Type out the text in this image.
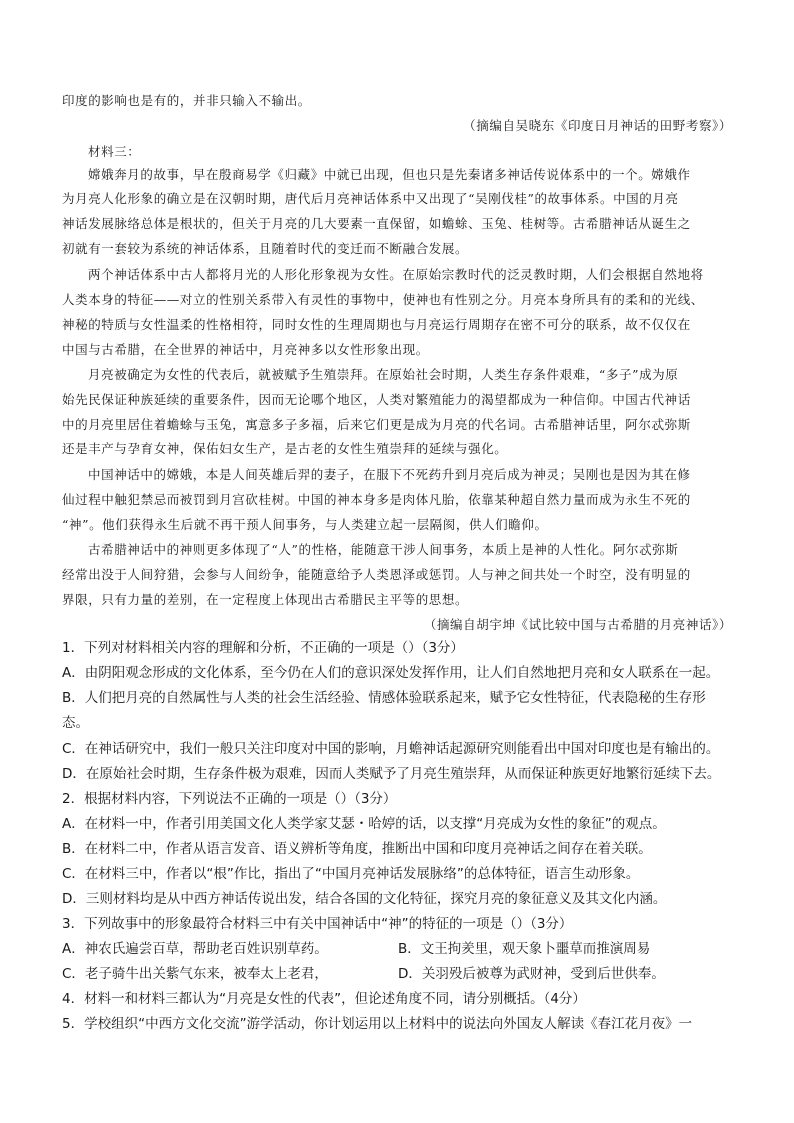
印度的影响也是有的，并非只输入不输出。
（摘编自吴晓东《印度日月神话的田野考察》）
材料三：
嫦娥奔月的故事，早在殷商易学《归藏》中就已出现，但也只是先秦诸多神话传说体系中的一个。嫦娥作
为月亮人化形象的确立是在汉朝时期，唐代后月亮神话体系中又出现了“吴刚伐桂”的故事体系。中国的月亮
神话发展脉络总体是根状的，但关于月亮的几大要素一直保留，如蟾蜍、玉兔、桂树等。古希腊神话从诞生之
初就有一套较为系统的神话体系，且随着时代的变迁而不断融合发展。
两个神话体系中古人都将月光的人形化形象视为女性。在原始宗教时代的泛灵教时期，人们会根据自然地将
人类本身的特征——对立的性别关系带入有灵性的事物中，使神也有性别之分。月亮本身所具有的柔和的光线、
神秘的特质与女性温柔的性格相符，同时女性的生理周期也与月亮运行周期存在密不可分的联系，故不仅仅在
中国与古希腊，在全世界的神话中，月亮神多以女性形象出现。
月亮被确定为女性的代表后，就被赋予生殖崇拜。在原始社会时期，人类生存条件艰难，“多子”成为原
始先民保证种族延续的重要条件，因而无论哪个地区，人类对繁殖能力的渴望都成为一种信仰。中国古代神话
中的月亮里居住着蟾蜍与玉兔，寓意多子多福，后来它们更是成为月亮的代名词。古希腊神话里，阿尔忒弥斯
还是丰产与孕育女神，保佑妇女生产，是古老的女性生殖崇拜的延续与强化。
中国神话中的嫦娥，本是人间英雄后羿的妻子，在服下不死药升到月亮后成为神灵；吴刚也是因为其在修
仙过程中触犯禁忌而被罚到月宫砍桂树。中国的神本身多是肉体凡胎，依靠某种超自然力量而成为永生不死的
“神”。他们获得永生后就不再干预人间事务，与人类建立起一层隔阂，供人们瞻仰。
古希腊神话中的神则更多体现了“人”的性格，能随意干涉人间事务，本质上是神的人性化。阿尔忒弥斯
经常出没于人间狩猎，会参与人间纷争，能随意给予人类恩泽或惩罚。人与神之间共处一个时空，没有明显的
界限，只有力量的差别，在一定程度上体现出古希腊民主平等的思想。
（摘编自胡宇坤《试比较中国与古希腊的月亮神话》）
1．下列对材料相关内容的理解和分析，不正确的一项是（）（3分）
A．由阴阳观念形成的文化体系，至今仍在人们的意识深处发挥作用，让人们自然地把月亮和女人联系在一起。
B．人们把月亮的自然属性与人类的社会生活经验、情感体验联系起来，赋予它女性特征，代表隐秘的生存形
态。
C．在神话研究中，我们一般只关注印度对中国的影响，月蟾神话起源研究则能看出中国对印度也是有输出的。
D．在原始社会时期，生存条件极为艰难，因而人类赋予了月亮生殖崇拜，从而保证种族更好地繁衍延续下去。
2．根据材料内容，下列说法不正确的一项是（）（3分）
A．在材料一中，作者引用美国文化人类学家艾瑟・哈婷的话，以支撑“月亮成为女性的象征”的观点。
B．在材料二中，作者从语言发音、语义辨析等角度，推断出中国和印度月亮神话之间存在着关联。
C．在材料三中，作者以“根”作比，指出了“中国月亮神话发展脉络”的总体特征，语言生动形象。
D．三则材料均是从中西方神话传说出发，结合各国的文化特征，探究月亮的象征意义及其文化内涵。
3．下列故事中的形象最符合材料三中有关中国神话中“神”的特征的一项是（）（3分）
A．神农氏遍尝百草，帮助老百姓识别草药。	B．文王拘羑里，观天象卜噩草而推演周易
C．老子骑牛出关紫气东来，被奉太上老君，	D．关羽殁后被尊为武财神，受到后世供奉。
4．材料一和材料三都认为“月亮是女性的代表”，但论述角度不同，请分别概括。（4分）
5．学校组织“中西方文化交流”游学活动，你计划运用以上材料中的说法向外国友人解读《春江花月夜》一
